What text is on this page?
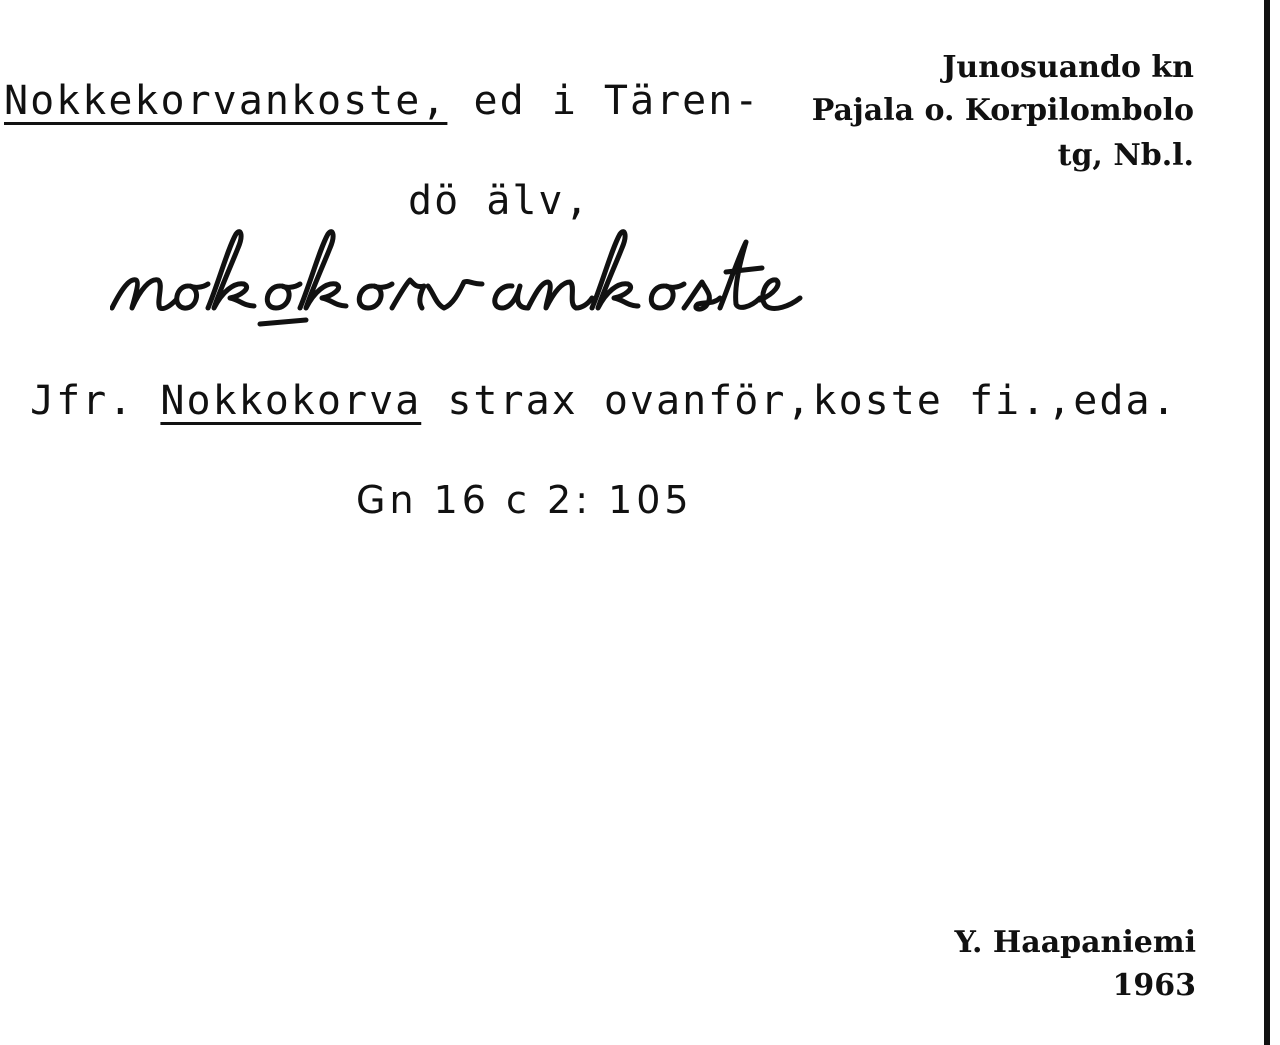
Nokkekorvankoste, ed i Tären-
dö älv,
Junosuando kn
Pajala o. Korpilombolo
tg, Nb.l.
Jfr. Nokkokorva strax ovanför,koste fi.,eda.
Gn 16 c 2: 105
Y. Haapaniemi
1963
